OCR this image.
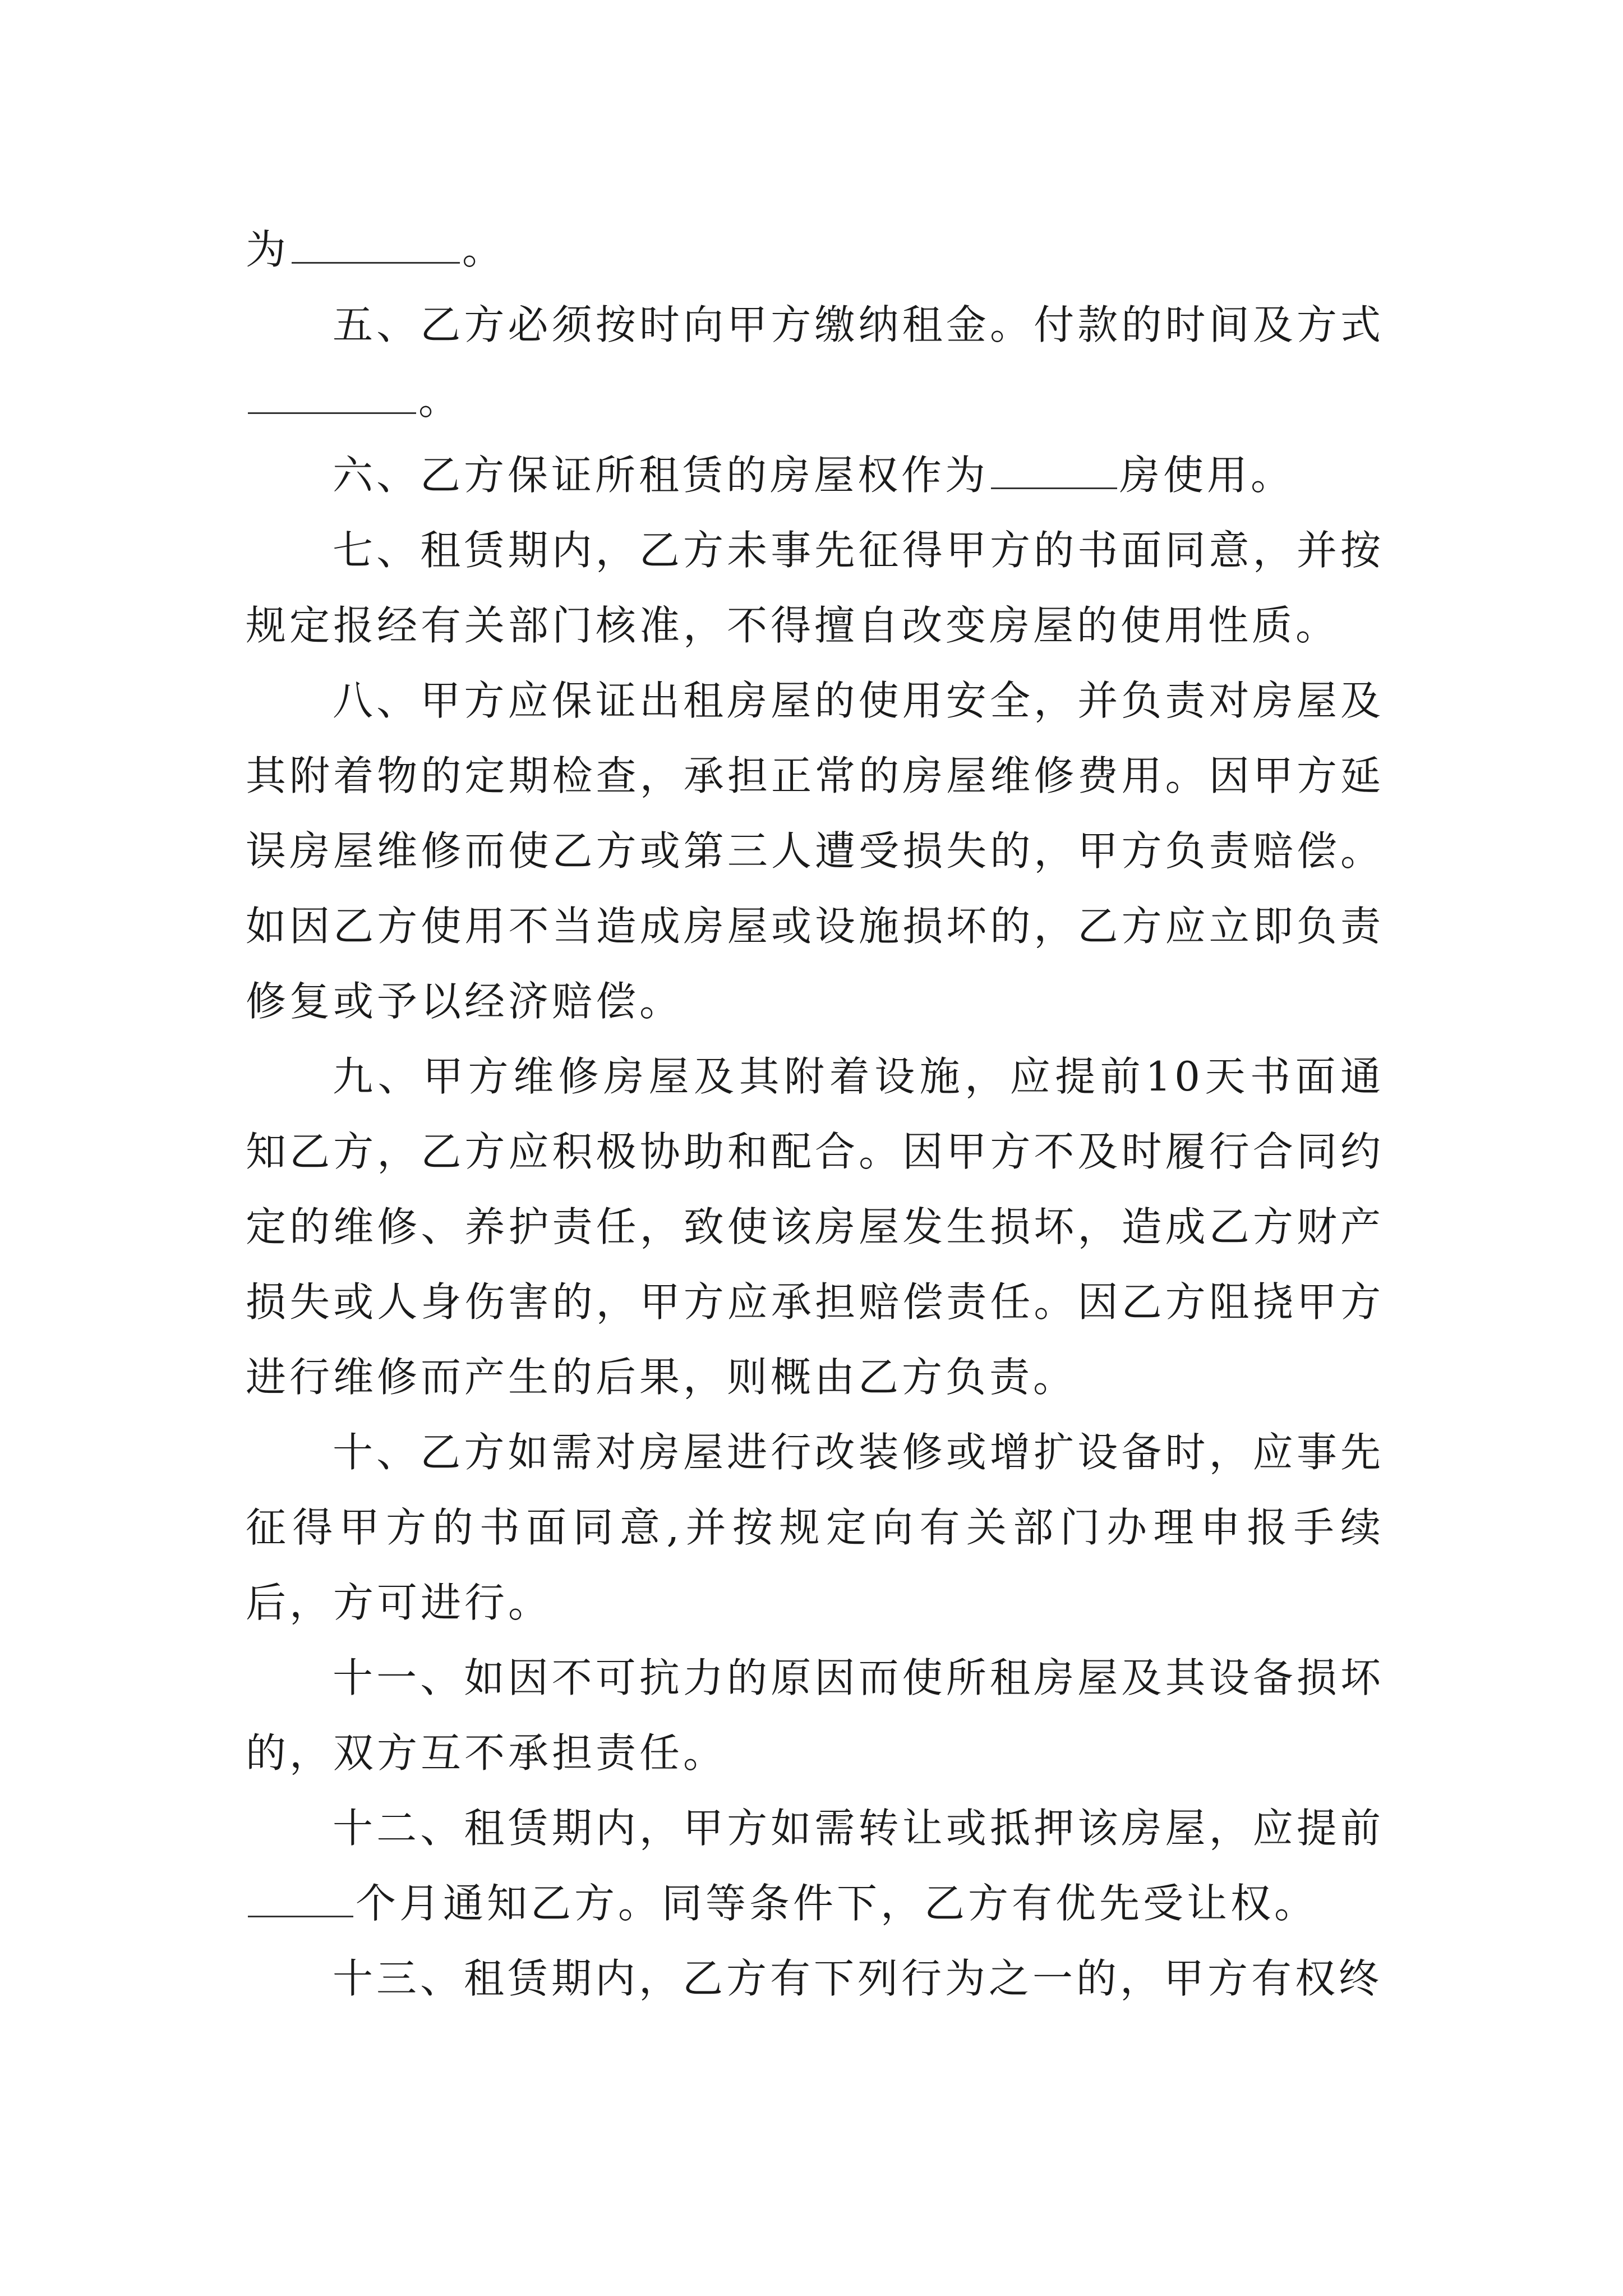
为	。

五、乙方必须按时向甲方缴纳租金。付款的时间及方式。

六、乙方保证所租赁的房屋权作为	房使用。

七、租赁期内，乙方未事先征得甲方的书面同意，并按规定报经有关部门核准，不得擅自改变房屋的使用性质。

八、甲方应保证出租房屋的使用安全，并负责对房屋及其附着物的定期检查，承担正常的房屋维修费用。因甲方延误房屋维修而使乙方或第三人遭受损失的，甲方负责赔偿。如因乙方使用不当造成房屋或设施损坏的，乙方应立即负责修复或予以经济赔偿。

九、甲方维修房屋及其附着设施，应提前10天书面通知乙方，乙方应积极协助和配合。因甲方不及时履行合同约定的维修、养护责任，致使该房屋发生损坏，造成乙方财产损失或人身伤害的，甲方应承担赔偿责任。因乙方阻挠甲方进行维修而产生的后果，则概由乙方负责。

十、乙方如需对房屋进行改装修或增扩设备时，应事先征得甲方的书面同意,并按规定向有关部门办理申报手续后，方可进行。

十一、如因不可抗力的原因而使所租房屋及其设备损坏的，双方互不承担责任。

十二、租赁期内，甲方如需转让或抵押该房屋，应提前个月通知乙方。同等条件下，乙方有优先受让权。

十三、租赁期内，乙方有下列行为之一的，甲方有权终
